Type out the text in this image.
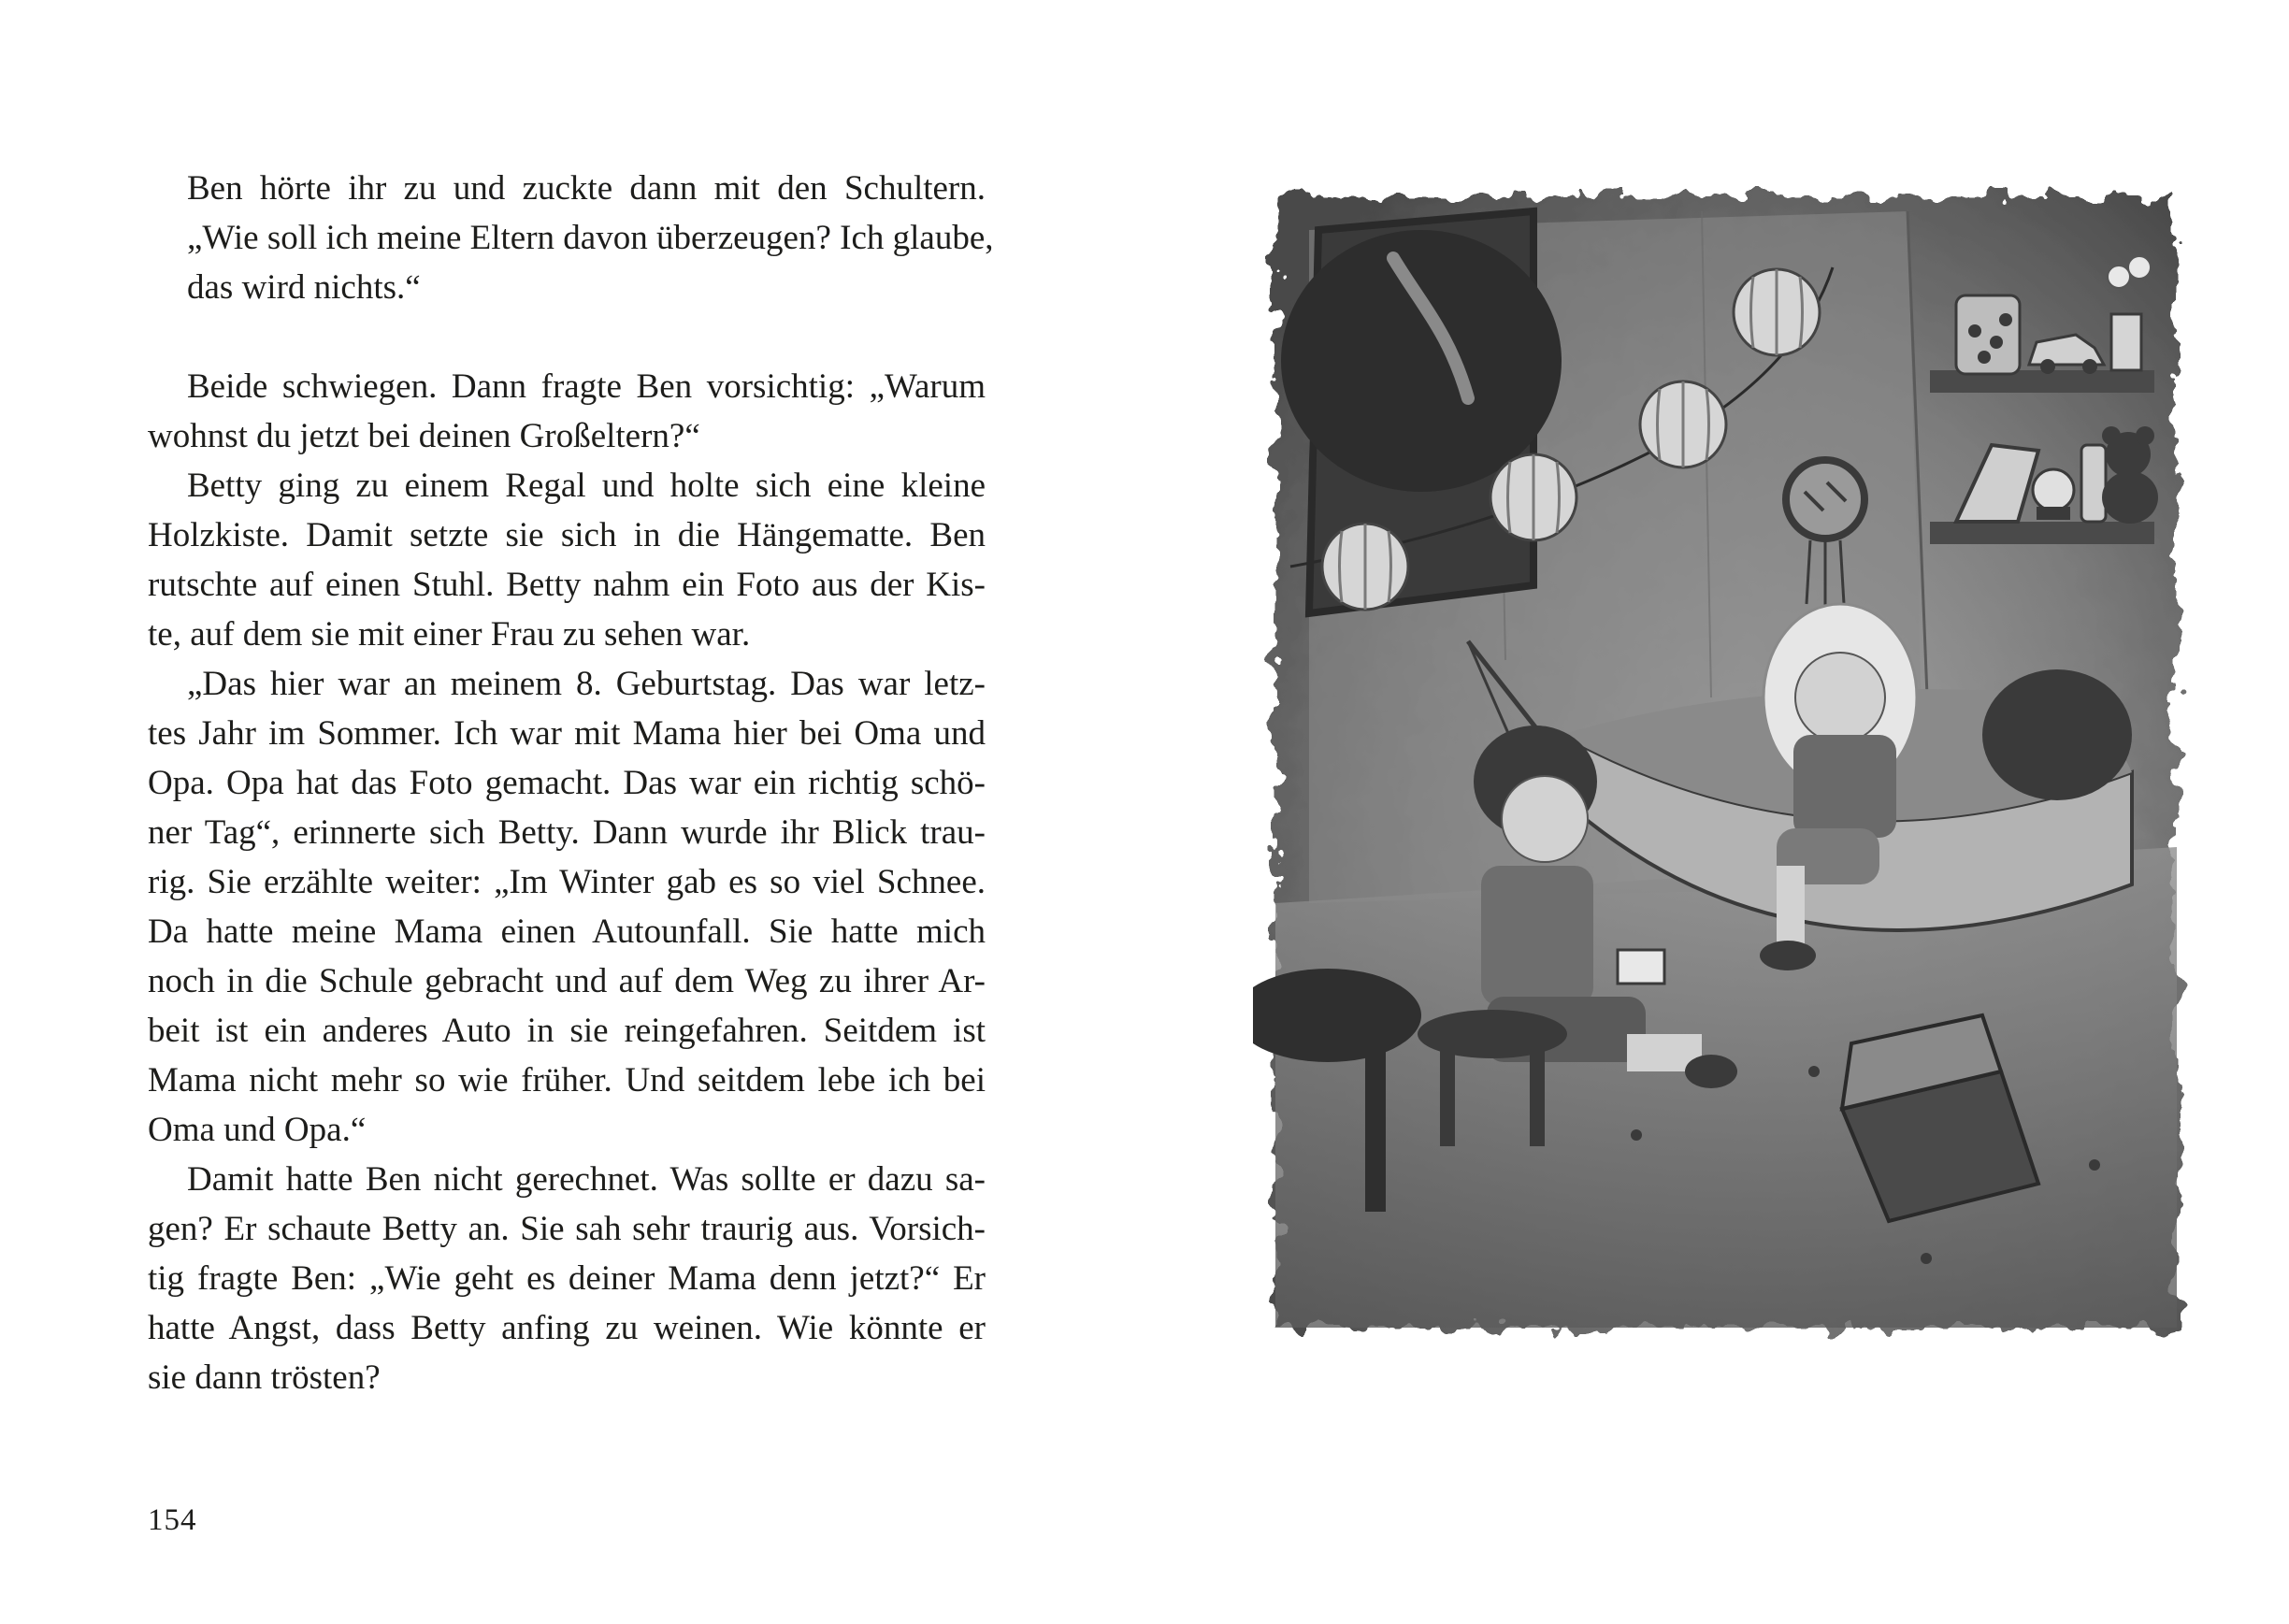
Ben hörte ihr zu und zuckte dann mit den Schultern.
„Wie soll ich meine Eltern davon überzeugen? Ich glaube,
das wird nichts.“

Beide schwiegen. Dann fragte Ben vorsichtig: „Warum
wohnst du jetzt bei deinen Großeltern?“

Betty ging zu einem Regal und holte sich eine kleine
Holzkiste. Damit setzte sie sich in die Hängematte. Ben
rutschte auf einen Stuhl. Betty nahm ein Foto aus der Kis-
te, auf dem sie mit einer Frau zu sehen war.

„Das hier war an meinem 8. Geburtstag. Das war letz-
tes Jahr im Sommer. Ich war mit Mama hier bei Oma und
Opa. Opa hat das Foto gemacht. Das war ein richtig schö-
ner Tag“, erinnerte sich Betty. Dann wurde ihr Blick trau-
rig. Sie erzählte weiter: „Im Winter gab es so viel Schnee.
Da hatte meine Mama einen Autounfall. Sie hatte mich
noch in die Schule gebracht und auf dem Weg zu ihrer Ar-
beit ist ein anderes Auto in sie reingefahren. Seitdem ist
Mama nicht mehr so wie früher. Und seitdem lebe ich bei
Oma und Opa.“

Damit hatte Ben nicht gerechnet. Was sollte er dazu sa-
gen? Er schaute Betty an. Sie sah sehr traurig aus. Vorsich-
tig fragte Ben: „Wie geht es deiner Mama denn jetzt?“ Er
hatte Angst, dass Betty anfing zu weinen. Wie könnte er
sie dann trösten?

154
